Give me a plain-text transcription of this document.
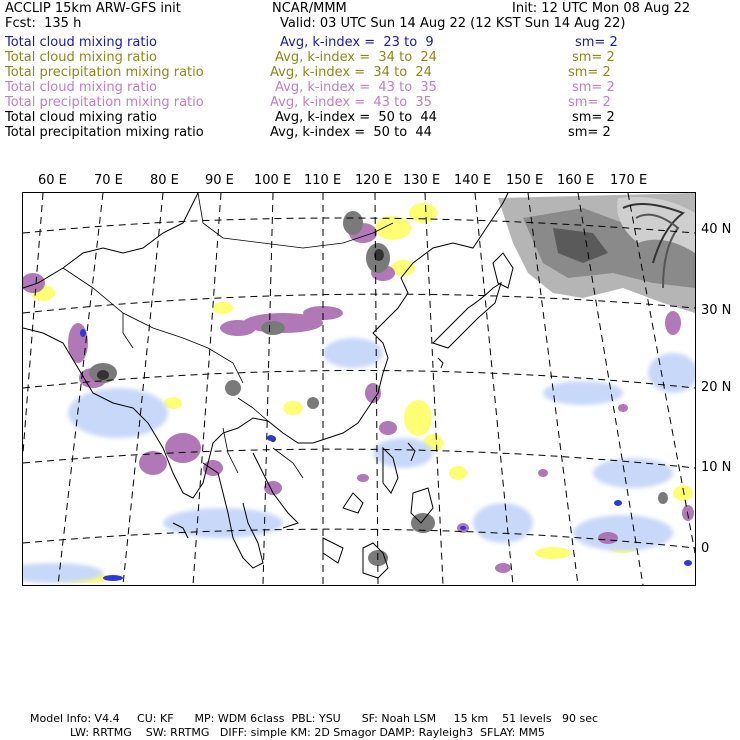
ACCLIP 15km ARW-GFS init	NCAR/MMM	Init: 12 UTC Mon 08 Aug 22
Fcst:  135 h	Valid: 03 UTC Sun 14 Aug 22 (12 KST Sun 14 Aug 22)
Total cloud mixing ratio	Avg, k-index =  23 to  9	sm= 2
Total cloud mixing ratio	Avg, k-index =  34 to  24	sm= 2
Total precipitation mixing ratio	Avg, k-index =  34 to  24	sm= 2
Total cloud mixing ratio	Avg, k-index =  43 to  35	sm= 2
Total precipitation mixing ratio	Avg, k-index =  43 to  35	sm= 2
Total cloud mixing ratio	Avg, k-index =  50 to  44	sm= 2
Total precipitation mixing ratio	Avg, k-index =  50 to  44	sm= 2
60 E 70 E 80 E 90 E 100 E 110 E 120 E 130 E 140 E 150 E 160 E 170 E
40 N
30 N
20 N
10 N
0
Model Info: V4.4     CU: KF      MP: WDM 6class  PBL: YSU      SF: Noah LSM     15 km    51 levels   90 sec
LW: RRTMG    SW: RRTMG   DIFF: simple KM: 2D Smagor DAMP: Rayleigh3  SFLAY: MM5
